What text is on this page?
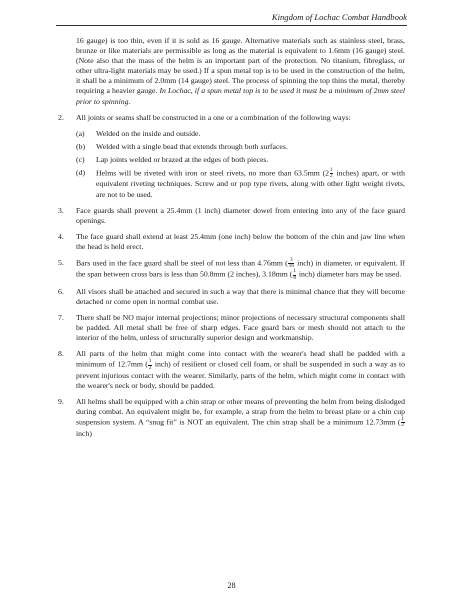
Kingdom of Lochac Combat Handbook

16 gauge) is too thin, even if it is sold as 16 gauge. Alternative materials such as stainless steel, brass, bronze or like materials are permissible as long as the material is equivalent to 1.6mm (16 gauge) steel. (Note also that the mass of the helm is an important part of the protection. No titanium, fibreglass, or other ultra-light materials may be used.) If a spun metal top is to be used in the construction of the helm, it shall be a minimum of 2.0mm (14 gauge) steel. The process of spinning the top thins the metal, thereby requiring a heavier gauge. In Lochac, if a spun metal top is to be used it must be a minimum of 2mm steel prior to spinning.

2.	All joints or seams shall be constructed in a one or a combination of the following ways:
(a) Welded on the inside and outside.
(b) Welded with a single bead that extends through both surfaces.
(c) Lap joints welded or brazed at the edges of both pieces.
(d) Helms will be riveted with iron or steel rivets, no more than 63.5mm ($2 \frac{1}{2}$ inches) apart, or with equivalent riveting techniques. Screw and or pop type rivets, along with other light weight rivets, are not to be used.
3.	Face guards shall prevent a 25.4mm (1 inch) diameter dowel from entering into any of the face guard openings.
4.	The face guard shall extend at least 25.4mm (one inch) below the bottom of the chin and jaw line when the head is held erect.
5.	Bars used in the face guard shall be steel of not less than 4.76mm ( $\frac{3}{16}$ inch) in diameter, or equivalent. If the span between cross bars is less than 50.8mm (2 inches), 3.18mm ( $\frac{1}{8}$ inch) diameter bars may be used.
6.	All visors shall be attached and secured in such a way that there is minimal chance that they will become detached or come open in normal combat use.
7.	There shall be NO major internal projections; minor projections of necessary structural components shall be padded. All metal shall be free of sharp edges. Face guard bars or mesh should not attach to the interior of the helm, unless of structurally superior design and workmanship.
8.	All parts of the helm that might come into contact with the wearer's head shall be padded with a minimum of 12.7mm ( $\frac{1}{2}$ inch) of resilient or closed cell foam, or shall be suspended in such a way as to prevent injurious contact with the wearer. Similarly, parts of the helm, which might come in contact with the wearer's neck or body, should be padded.
9.	All helms shall be equipped with a chin strap or other means of preventing the helm from being dislodged during combat. An equivalent might be, for example, a strap from the helm to breast plate or a chin cup suspension system. A “snug fit” is NOT an equivalent. The chin strap shall be a minimum 12.73mm ( $\frac{1}{2}$
inch)
28
